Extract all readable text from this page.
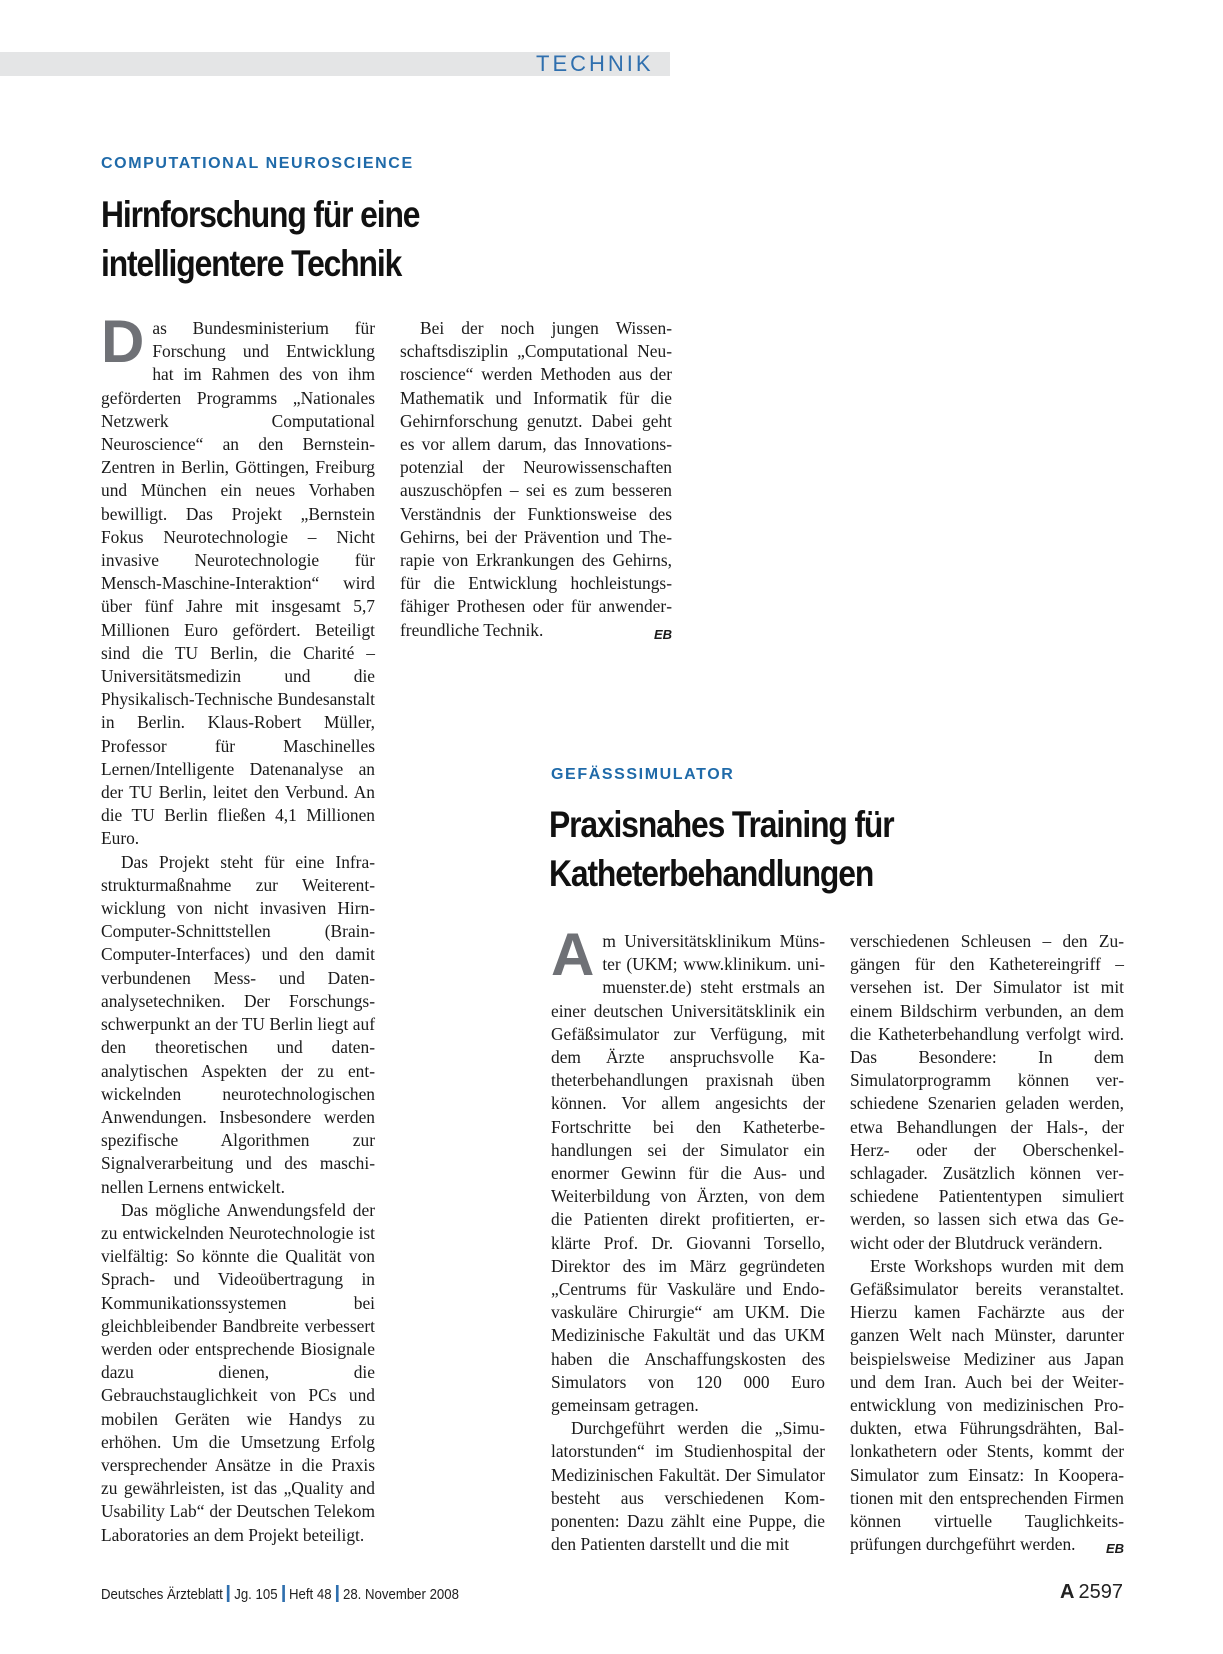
TECHNIK
COMPUTATIONAL NEUROSCIENCE
Hirnforschung für eine
intelligentere Technik
D as Bundesministerium für Forschung und Entwicklung hat im Rahmen des von ihm geförderten Programms „Nationales Netzwerk Computational Neuroscience“ an den Bernstein-Zentren in Berlin, Göttingen, Freiburg und München ein neues Vorhaben bewilligt. Das Projekt „Bernstein Fokus Neurotechnologie – Nicht invasive Neurotechnologie für Mensch-Maschine-Interaktion“ wird über fünf Jahre mit insgesamt 5,7 Millionen Euro gefördert. Beteiligt sind die TU Berlin, die Charité – Universitätsmedizin und die Physikalisch-Technische Bundesanstalt in Berlin. Klaus-Robert Müller, Professor für Maschinelles Lernen/Intelligente Datenanalyse an der TU Berlin, leitet den Verbund. An die TU Berlin fließen 4,1 Millionen Euro.

Das Projekt steht für eine Infrastrukturmaßnahme zur Weiterentwicklung von nicht invasiven Hirn-Computer-Schnittstellen (Brain-Computer-Interfaces) und den damit verbundenen Mess- und Datenanalysetechniken. Der Forschungsschwerpunkt an der TU Berlin liegt auf den theoretischen und datenanalytischen Aspekten der zu entwickelnden neurotechnologischen Anwendungen. Insbesondere werden spezifische Algorithmen zur Signalverarbeitung und des maschinellen Lernens entwickelt.

Das mögliche Anwendungsfeld der zu entwickelnden Neurotechnologie ist vielfältig: So könnte die Qualität von Sprach- und Videoübertragung in Kommunikationssystemen bei gleichbleibender Bandbreite verbessert werden oder entsprechende Biosignale dazu dienen, die Gebrauchstauglichkeit von PCs und mobilen Geräten wie Handys zu erhöhen. Um die Umsetzung Erfolg versprechender Ansätze in die Praxis zu gewährleisten, ist das „Quality and Usability Lab“ der Deutschen Telekom Laboratories an dem Projekt beteiligt.

Bei der noch jungen Wissenschaftsdisziplin „Computational Neuroscience“ werden Methoden aus der Mathematik und Informatik für die Gehirnforschung genutzt. Dabei geht es vor allem darum, das Innovationspotenzial der Neurowissenschaften auszuschöpfen – sei es zum besseren Verständnis der Funktionsweise des Gehirns, bei der Prävention und Therapie von Erkrankungen des Gehirns, für die Entwicklung hochleistungsfähiger Prothesen oder für anwenderfreundliche Technik.	EB

GEFÄSSSIMULATOR
Praxisnahes Training für
Katheterbehandlungen
A m Universitätsklinikum Münster (UKM; www.klinikum. uni-muenster.de) steht erstmals an einer deutschen Universitätsklinik ein Gefäßsimulator zur Verfügung, mit dem Ärzte anspruchsvolle Katheterbehandlungen praxisnah üben können. Vor allem angesichts der Fortschritte bei den Katheterbehandlungen sei der Simulator ein enormer Gewinn für die Aus- und Weiterbildung von Ärzten, von dem die Patienten direkt profitierten, erklärte Prof. Dr. Giovanni Torsello, Direktor des im März gegründeten „Centrums für Vaskuläre und Endovaskuläre Chirurgie“ am UKM. Die Medizinische Fakultät und das UKM haben die Anschaffungskosten des Simulators von 120 000 Euro gemeinsam getragen.

Durchgeführt werden die „Simulatorstunden“ im Studienhospital der Medizinischen Fakultät. Der Simulator besteht aus verschiedenen Komponenten: Dazu zählt eine Puppe, die den Patienten darstellt und die mit

verschiedenen Schleusen – den Zugängen für den Kathetereingriff – versehen ist. Der Simulator ist mit einem Bildschirm verbunden, an dem die Katheterbehandlung verfolgt wird. Das Besondere: In dem Simulatorprogramm können verschiedene Szenarien geladen werden, etwa Behandlungen der Hals-, der Herz- oder der Oberschenkelschlagader. Zusätzlich können verschiedene Patiententypen simuliert werden, so lassen sich etwa das Gewicht oder der Blutdruck verändern.

Erste Workshops wurden mit dem Gefäßsimulator bereits veranstaltet. Hierzu kamen Fachärzte aus der ganzen Welt nach Münster, darunter beispielsweise Mediziner aus Japan und dem Iran. Auch bei der Weiterentwicklung von medizinischen Produkten, etwa Führungsdrähten, Ballonkathetern oder Stents, kommt der Simulator zum Einsatz: In Kooperationen mit den entsprechenden Firmen können virtuelle Tauglichkeitsprüfungen durchgeführt werden.	EB

Deutsches Ärzteblatt Jg. 105 Heft 48 28. November 2008	A 2597
